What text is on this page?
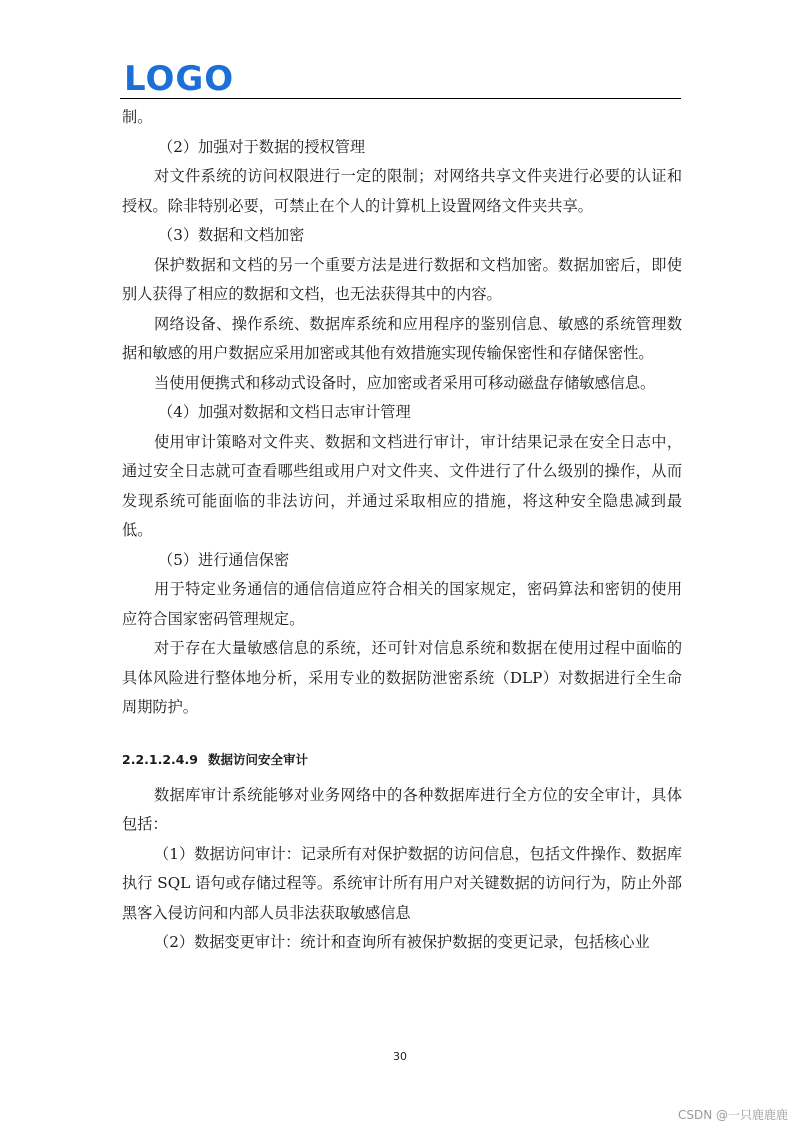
LOGO

制。

（2）加强对于数据的授权管理

对文件系统的访问权限进行一定的限制；对网络共享文件夹进行必要的认证和授权。除非特别必要，可禁止在个人的计算机上设置网络文件夹共享。

（3）数据和文档加密

保护数据和文档的另一个重要方法是进行数据和文档加密。数据加密后，即使别人获得了相应的数据和文档，也无法获得其中的内容。

网络设备、操作系统、数据库系统和应用程序的鉴别信息、敏感的系统管理数据和敏感的用户数据应采用加密或其他有效措施实现传输保密性和存储保密性。

当使用便携式和移动式设备时，应加密或者采用可移动磁盘存储敏感信息。

（4）加强对数据和文档日志审计管理

使用审计策略对文件夹、数据和文档进行审计，审计结果记录在安全日志中，通过安全日志就可查看哪些组或用户对文件夹、文件进行了什么级别的操作，从而发现系统可能面临的非法访问，并通过采取相应的措施，将这种安全隐患减到最低。

（5）进行通信保密

用于特定业务通信的通信信道应符合相关的国家规定，密码算法和密钥的使用应符合国家密码管理规定。

对于存在大量敏感信息的系统，还可针对信息系统和数据在使用过程中面临的具体风险进行整体地分析，采用专业的数据防泄密系统（DLP）对数据进行全生命周期防护。

2.2.1.2.4.9 数据访问安全审计

数据库审计系统能够对业务网络中的各种数据库进行全方位的安全审计，具体包括：

（1）数据访问审计：记录所有对保护数据的访问信息，包括文件操作、数据库执行 SQL 语句或存储过程等。系统审计所有用户对关键数据的访问行为，防止外部黑客入侵访问和内部人员非法获取敏感信息

（2）数据变更审计：统计和查询所有被保护数据的变更记录，包括核心业

30
CSDN @一只鹿鹿鹿
